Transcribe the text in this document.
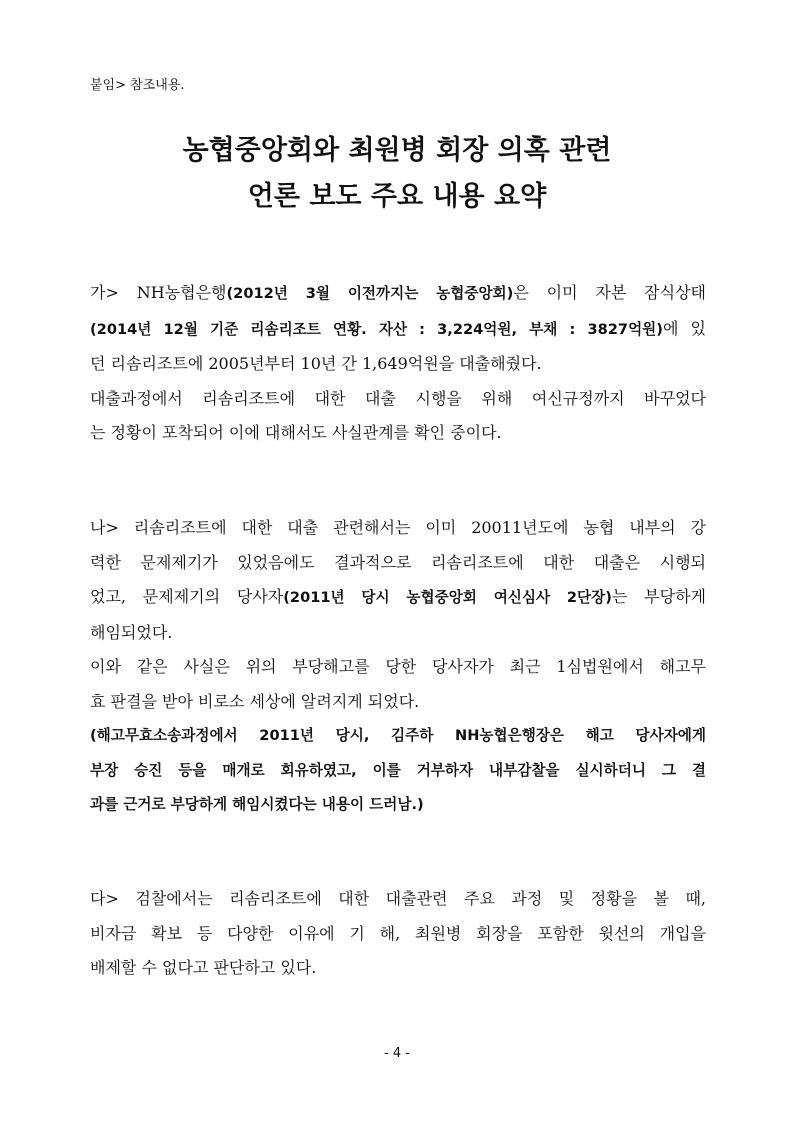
붙임> 참조내용.
농협중앙회와 최원병 회장 의혹 관련
언론 보도 주요 내용 요약
가> NH농협은행(2012년 3월 이전까지는 농협중앙회)은 이미 자본 잠식상태
(2014년 12월 기준 리솜리조트 연황. 자산 : 3,224억원, 부채 : 3827억원)에 있
던 리솜리조트에 2005년부터 10년 간 1,649억원을 대출해줬다.
대출과정에서 리솜리조트에 대한 대출 시행을 위해 여신규정까지 바꾸었다
는 정황이 포착되어 이에 대해서도 사실관계를 확인 중이다.
나> 리솜리조트에 대한 대출 관련해서는 이미 20011년도에 농협 내부의 강
력한 문제제기가 있었음에도 결과적으로 리솜리조트에 대한 대출은 시행되
었고, 문제제기의 당사자(2011년 당시 농협중앙회 여신심사 2단장)는 부당하게
해임되었다.
이와 같은 사실은 위의 부당해고를 당한 당사자가 최근 1심법원에서 해고무
효 판결을 받아 비로소 세상에 알려지게 되었다.
(해고무효소송과정에서 2011년 당시, 김주하 NH농협은행장은 해고 당사자에게
부장 승진 등을 매개로 회유하였고, 이를 거부하자 내부감찰을 실시하더니 그 결
과를 근거로 부당하게 해임시켰다는 내용이 드러남.)
다> 검찰에서는 리솜리조트에 대한 대출관련 주요 과정 및 정황을 볼 때,
비자금 확보 등 다양한 이유에 기 해, 최원병 회장을 포함한 윗선의 개입을
배제할 수 없다고 판단하고 있다.
- 4 -
